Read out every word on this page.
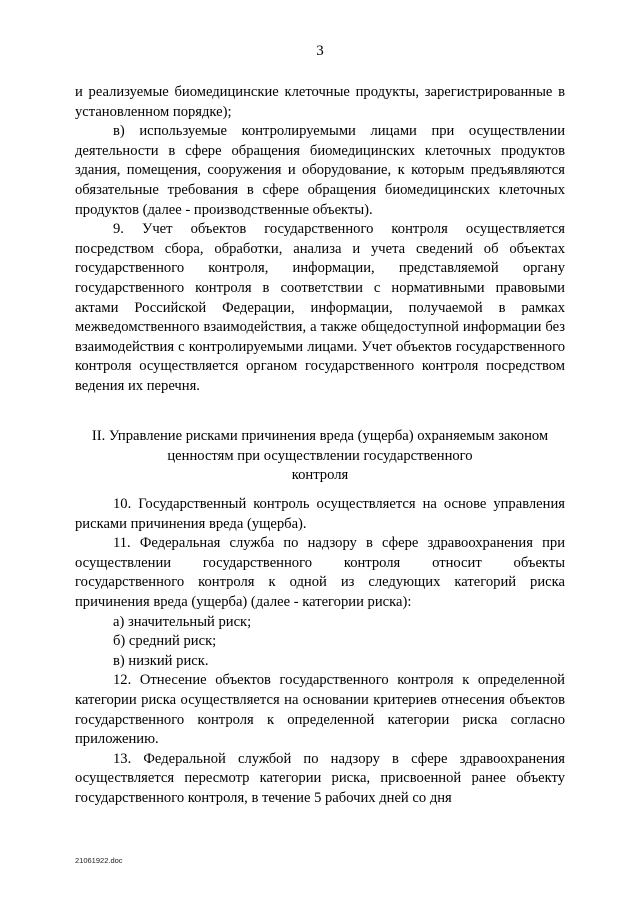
3

и реализуемые биомедицинские клеточные продукты, зарегистрированные в установленном порядке);

в) используемые контролируемыми лицами при осуществлении деятельности в сфере обращения биомедицинских клеточных продуктов здания, помещения, сооружения и оборудование, к которым предъявляются обязательные требования в сфере обращения биомедицинских клеточных продуктов (далее - производственные объекты).

9. Учет объектов государственного контроля осуществляется посредством сбора, обработки, анализа и учета сведений об объектах государственного контроля, информации, представляемой органу государственного контроля в соответствии с нормативными правовыми актами Российской Федерации, информации, получаемой в рамках межведомственного взаимодействия, а также общедоступной информации без взаимодействия с контролируемыми лицами. Учет объектов государственного контроля осуществляется органом государственного контроля посредством ведения их перечня.

II. Управление рисками причинения вреда (ущерба) охраняемым законом
ценностям при осуществлении государственного
контроля

10. Государственный контроль осуществляется на основе управления рисками причинения вреда (ущерба).

11. Федеральная служба по надзору в сфере здравоохранения при осуществлении государственного контроля относит объекты государственного контроля к одной из следующих категорий риска причинения вреда (ущерба) (далее - категории риска):

а) значительный риск;

б) средний риск;

в) низкий риск.

12. Отнесение объектов государственного контроля к определенной категории риска осуществляется на основании критериев отнесения объектов государственного контроля к определенной категории риска согласно приложению.

13. Федеральной службой по надзору в сфере здравоохранения осуществляется пересмотр категории риска, присвоенной ранее объекту государственного контроля, в течение 5 рабочих дней со дня

21061922.doc
